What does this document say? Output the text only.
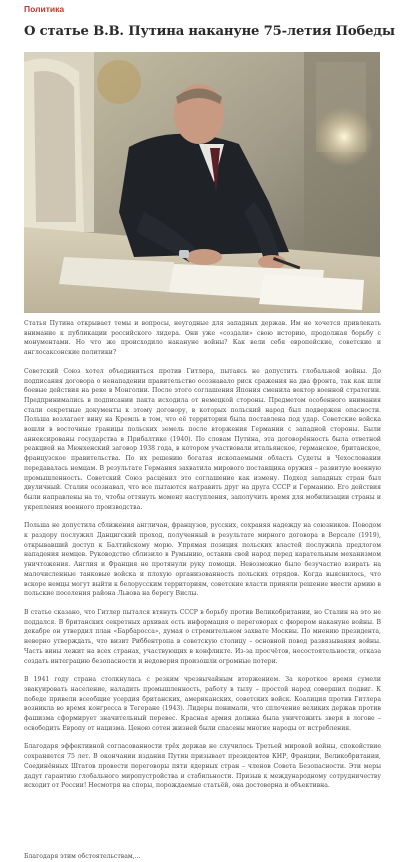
Политика
О статье В.В. Путина накануне 75-летия Победы

Статья Путина открывает темы и вопросы, неугодные для западных держав. Им не хочется привлекать внимание к публикации российского лидера. Они уже «создали» свою историю, продолжая борьбу с монументами. Но что же происходило накануне войны? Как вели себя европейские, советские и англосаксонские политики?

Советский Союз хотел объединиться против Гитлера, пытаясь не допустить глобальной войны. До подписания договора о ненападении правительство осознавало риск сражения на два фронта, так как шли боевые действия на реке в Монголии. После этого соглашения Япония сменила вектор военной стратегии. Предпринимались в подписании пакта исходила от немецкой стороны. Предметом особенного внимания стали секретные документы к этому договору, в которых польский народ был подвержен опасности. Польша возлагает вину на Кремль в том, что её территории была поставлена под удар. Советские войска вошли в восточные границы польских земель после вторжения Германии с западной стороны. Были аннексированы государства в Прибалтике (1940). По словам Путина, эта договорённость была ответной реакцией на Мюнхенский заговор 1938 года, в котором участвовали итальянское, германское, британское, французское правительства. По их решению богатая ископаемыми область Судеты в Чехословакии передавалась немцам. В результате Германия захватила мирового поставщика оружия – развитую военную промышленность. Советский Союз расценил это соглашение как измену. Подход западных стран был двуличный. Сталин осознавал, что все пытаются натравить друг на друга СССР и Германию. Его действия были направлены на то, чтобы оттянуть момент наступления, заполучить время для мобилизации страны и укрепления военного производства.

Польша не допустила сближения англичан, французов, русских, сохраняя надежду на союзников. Поводом к раздору послужил Данцигский проход, полученный в результате мирного договора в Версале (1919), открывавший доступ к Балтийскому морю. Упрямая позиция польских властей послужила предлогом нападения немцев. Руководство сблизило в Румынию, оставив свой народ перед карательным механизмом уничтожения. Англия и Франция не протянули руку помощи. Невозможно было безучастно взирать на малочисленные танковые войска и плохую организованность польских отрядов. Когда выяснилось, что вскоре немцы могут выйти к белорусским территориям, советские власти приняли решение ввести армию в польские поселения района Львова на берегу Вислы.

В статье сказано, что Гитлер пытался втянуть СССР в борьбу против Великобритании, но Сталин на это не поддался. В британских секретных архивах есть информация о переговорах с фюрером накануне войны. В декабре он утвердил план «Барбаросса», думая о стремительном захвате Москвы. По мнению президента, неверно утверждать, что визит Риббентропа в советскую столицу – основной повод развязывания войны. Часть вины лежит на всех странах, участвующих в конфликте. Из-за просчётов, несостоятельности, отказа создать интеграцию безопасности и недоверия произошли огромные потери.

В 1941 году страна столкнулась с резким чрезвычайным вторжением. За короткое время сумели эвакуировать население, наладить промышленность, работу в тылу – простой народ совершил подвиг. К победе привели всеобщие усердия британских, американских, советских войск. Коалиция против Гитлера возникла во время конгресса в Тегеране (1943). Лидеры понимали, что сплочение великих держав против фашизма сформирует значительный перевес. Красная армия должна была уничтожить зверя в логове – освободить Европу от нацизма. Ценою сотен жизней были спасены многие народы от истребления.

Благодаря эффективной согласованности трёх держав не случилось Третьей мировой войны, спокойствие сохраняется 75 лет. В окончании издания Путин призывает президентов КНР, Франции, Великобритании, Соединённых Штатов провести переговоры пяти ядерных стран – членов Совета Безопасности. Эти меры дадут гарантию глобального миропустройства и стабильности. Призыв к международному сотрудничеству исходит от России! Несмотря на споры, порождаемые статьёй, она достоверна и объективна.

Благодаря этим обстоятельствам,...
